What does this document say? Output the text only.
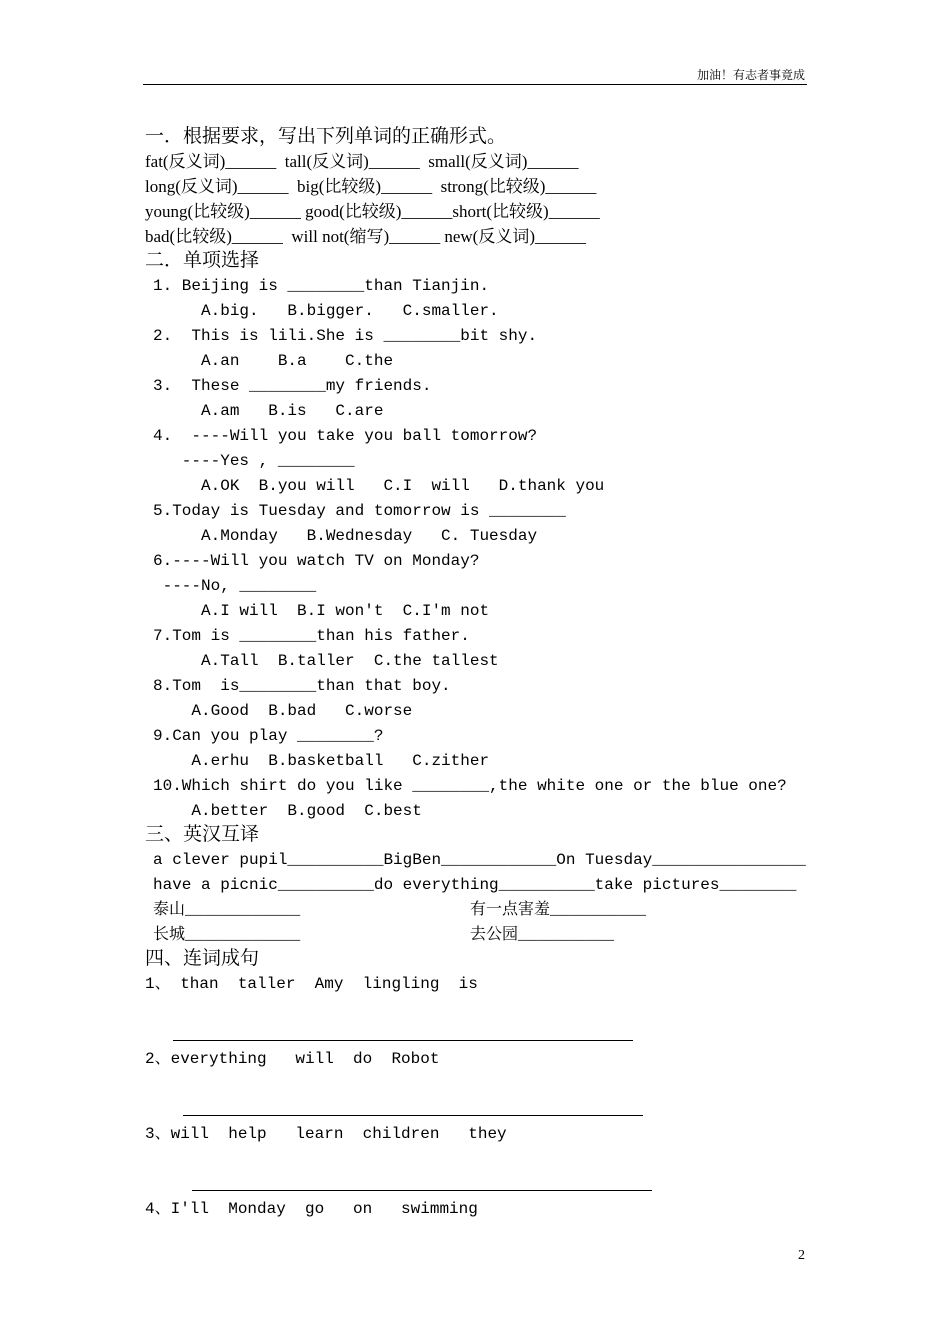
加油！有志者事竟成
一．根据要求，写出下列单词的正确形式。
fat(反义词)______  tall(反义词)______  small(反义词)______
long(反义词)______  big(比较级)______  strong(比较级)______
young(比较级)______ good(比较级)______short(比较级)______
bad(比较级)______  will not(缩写)______ new(反义词)______
二．单项选择
1. Beijing is ________than Tianjin.
A.big.   B.bigger.   C.smaller.
2.  This is lili.She is ________bit shy.
A.an    B.a    C.the
3.  These ________my friends.
A.am   B.is   C.are
4.  ----Will you take you ball tomorrow?
----Yes , ________
A.OK  B.you will   C.I  will   D.thank you
5.Today is Tuesday and tomorrow is ________
A.Monday   B.Wednesday   C. Tuesday
6.----Will you watch TV on Monday?
----No, ________
A.I will  B.I won′t  C.I′m not
7.Tom is ________than his father.
A.Tall  B.taller  C.the tallest
8.Tom  is________than that boy.
A.Good  B.bad   C.worse
9.Can you play ________?
A.erhu  B.basketball   C.zither
10.Which shirt do you like ________,the white one or the blue one?
A.better  B.good  C.best
三、英汉互译
a clever pupil__________BigBen____________On Tuesday________________
have a picnic__________do everything__________take pictures________
泰山____________	有一点害羞__________
长城____________	去公园__________
四、连词成句
1、 than  taller  Amy  lingling  is
2、everything   will  do  Robot
3、will  help   learn  children   they
4、I′ll  Monday  go   on   swimming
2
